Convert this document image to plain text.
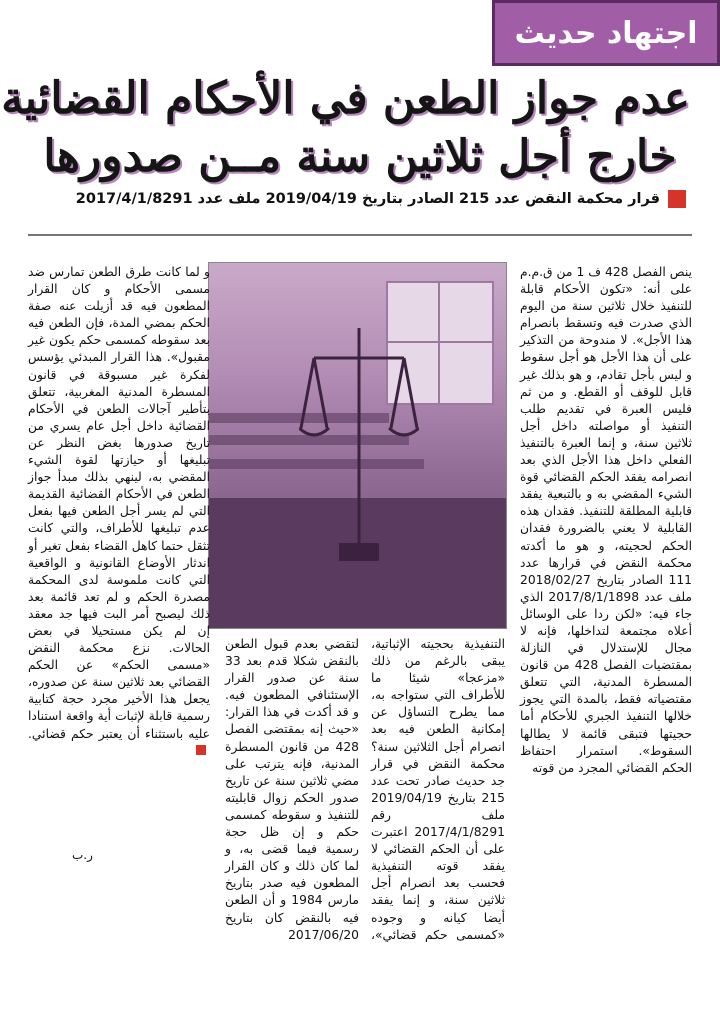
اجتهاد حديث
عدم جواز الطعن في الأحكام القضائية
خارج أجل ثلاثين سنة مــن صدورها
قرار محكمة النقض عدد 215 الصادر بتاريخ 2019/04/19 ملف عدد 2017/4/1/8291

ينص الفصل 428 ف 1 من ق.م.م على أنه: «تكون الأحكام قابلة للتنفيذ خلال ثلاثين سنة من اليوم الذي صدرت فيه وتسقط بانصرام هذا الأجل». لا مندوحة من التذكير على أن هذا الأجل هو أجل سقوط و ليس بأجل تقادم، و هو بذلك غير قابل للوقف أو القطع. و من ثم فليس العبرة في تقديم طلب التنفيذ أو مواصلته داخل أجل ثلاثين سنة، و إنما العبرة بالتنفيذ الفعلي داخل هذا الأجل الذي بعد انصرامه يفقد الحكم القضائي قوة الشيء المقضي به و بالتبعية يفقد قابلية المطلقة للتنفيذ. فقدان هذه القابلية لا يعني بالضرورة فقدان الحكم لحجيته، و هو ما أكدته محكمة النقض في قرارها عدد 111 الصادر بتاريخ 2018/02/27 ملف عدد 2017/8/1/1898 الذي جاء فيه: «لكن ردا على الوسائل أعلاه مجتمعة لتداخلها، فإنه لا مجال للإستدلال في النازلة بمقتضيات الفصل 428 من قانون المسطرة المدنية، التي تتعلق مقتضياته فقط، بالمدة التي يجوز خلالها التنفيذ الجبري للأحكام أما حجيتها فتبقى قائمة لا يطالها السقوط». استمرار احتفاظ الحكم القضائي المجرد من قوته

التنفيذية بحجيته الإثباتية، يبقى بالرغم من ذلك «مزعجا» شيئا ما للأطراف التي ستواجه به، مما يطرح التساؤل عن إمكانية الطعن فيه بعد انصرام أجل الثلاثين سنة؟ محكمة النقض في قرار جد حديث صادر تحت عدد 215 بتاريخ 2019/04/19 ملف رقم 2017/4/1/8291 اعتبرت على أن الحكم القضائي لا يفقد قوته التنفيذية فحسب بعد انصرام أجل ثلاثين سنة، و إنما يفقد أيضا كيانه و وجوده «كمسمى حكم قضائي»، لتقضي بعدم قبول الطعن بالنقض شكلا قدم بعد 33 سنة عن صدور القرار الإستئنافي المطعون فيه. و قد أكدت في هذا القرار: «حيث إنه بمقتضى الفصل 428 من قانون المسطرة المدنية، فإنه يترتب على مضي ثلاثين سنة عن تاريخ صدور الحكم زوال قابليته للتنفيذ و سقوطه كمسمى حكم و إن ظل حجة رسمية فيما قضى به، و لما كان ذلك و كان القرار المطعون فيه صدر بتاريخ مارس 1984 و أن الطعن فيه بالنقض كان بتاريخ 2017/06/20

و لما كانت طرق الطعن تمارس ضد مسمى الأحكام و كان القرار المطعون فيه قد أزيلت عنه صفة الحكم بمضي المدة، فإن الطعن فيه بعد سقوطه كمسمى حكم يكون غير مقبول». هذا القرار المبدئي يؤسس لفكرة غير مسبوقة في قانون المسطرة المدنية المغربية، تتعلق بتأطير آجالات الطعن في الأحكام القضائية داخل أجل عام يسري من تاريخ صدورها بغض النظر عن تبليغها أو حيازتها لقوة الشيء المقضي به، لينهي بذلك مبدأ جواز الطعن في الأحكام القضائية القديمة التي لم يسر أجل الطعن فيها بفعل عدم تبليغها للأطراف، والتي كانت تثقل حتما كاهل القضاء بفعل تغير أو اندثار الأوضاع القانونية و الواقعية التي كانت ملموسة لدى المحكمة مصدرة الحكم و لم تعد قائمة بعد ذلك ليصبح أمر البت فيها جد معقد إن لم يكن مستحيلا في بعض الحالات. نزع محكمة النقض «مسمى الحكم» عن الحكم القضائي بعد ثلاثين سنة عن صدوره، يجعل هذا الأخير مجرد حجة كتابية رسمية قابلة لإثبات أية واقعة استنادا عليه باستثناء أن يعتبر حكم قضائي.

ر.ب
